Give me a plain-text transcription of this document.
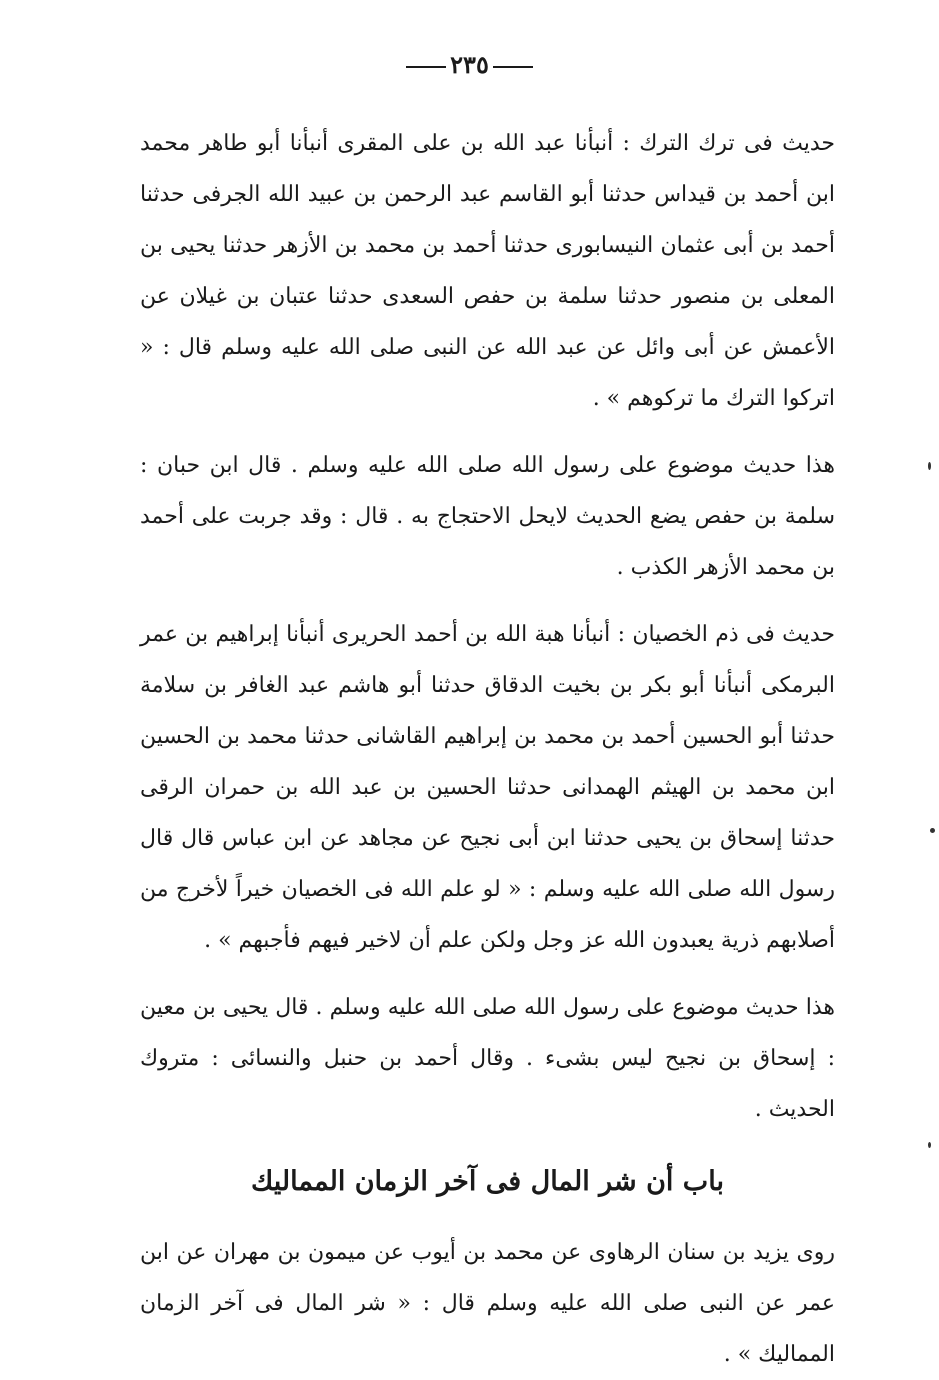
٢٣٥

حديث فى ترك الترك : أنبأنا عبد الله بن على المقرى أنبأنا أبو طاهر محمد ابن أحمد بن قيداس حدثنا أبو القاسم عبد الرحمن بن عبيد الله الجرفى حدثنا أحمد بن أبى عثمان النيسابورى حدثنا أحمد بن محمد بن الأزهر حدثنا يحيى بن المعلى بن منصور حدثنا سلمة بن حفص السعدى حدثنا عتبان بن غيلان عن الأعمش عن أبى وائل عن عبد الله عن النبى صلى الله عليه وسلم قال : « اتركوا الترك ما تركوهم » .

هذا حديث موضوع على رسول الله صلى الله عليه وسلم . قال ابن حبان : سلمة بن حفص يضع الحديث لايحل الاحتجاج به . قال : وقد جربت على أحمد بن محمد الأزهر الكذب .

حديث فى ذم الخصيان : أنبأنا هبة الله بن أحمد الحريرى أنبأنا إبراهيم بن عمر البرمكى أنبأنا أبو بكر بن بخيت الدقاق حدثنا أبو هاشم عبد الغافر بن سلامة حدثنا أبو الحسين أحمد بن محمد بن إبراهيم القاشانى حدثنا محمد بن الحسين ابن محمد بن الهيثم الهمدانى حدثنا الحسين بن عبد الله بن حمران الرقى حدثنا إسحاق بن يحيى حدثنا ابن أبى نجيح عن مجاهد عن ابن عباس قال قال رسول الله صلى الله عليه وسلم : « لو علم الله فى الخصيان خيراً لأخرج من أصلابهم ذرية يعبدون الله عز وجل ولكن علم أن لاخير فيهم فأجبهم » .

هذا حديث موضوع على رسول الله صلى الله عليه وسلم . قال يحيى بن معين : إسحاق بن نجيح ليس بشىء . وقال أحمد بن حنبل والنسائى : متروك الحديث .

باب أن شر المال فى آخر الزمان المماليك

روى يزيد بن سنان الرهاوى عن محمد بن أيوب عن ميمون بن مهران عن ابن عمر عن النبى صلى الله عليه وسلم قال : « شر المال فى آخر الزمان المماليك » .
